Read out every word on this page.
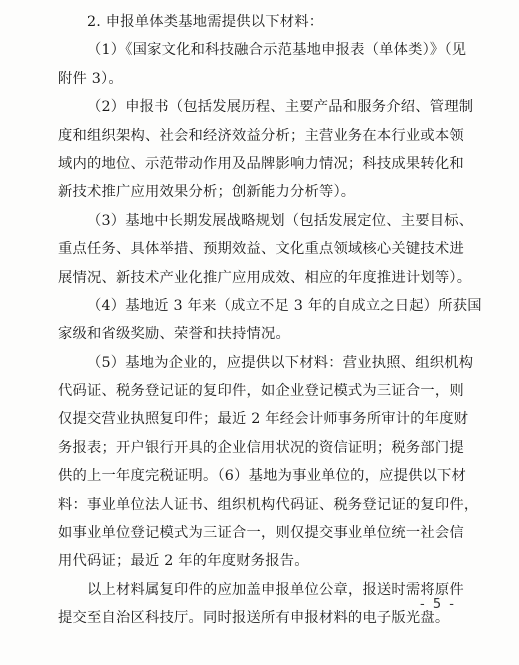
2. 申报单体类基地需提供以下材料：
（1）《国家文化和科技融合示范基地申报表（单体类）》（见
附件 3）。
（2）申报书（包括发展历程、主要产品和服务介绍、管理制
度和组织架构、社会和经济效益分析；主营业务在本行业或本领
域内的地位、示范带动作用及品牌影响力情况；科技成果转化和
新技术推广应用效果分析；创新能力分析等）。
（3）基地中长期发展战略规划（包括发展定位、主要目标、
重点任务、具体举措、预期效益、文化重点领域核心关键技术进
展情况、新技术产业化推广应用成效、相应的年度推进计划等）。
（4）基地近 3 年来（成立不足 3 年的自成立之日起）所获国
家级和省级奖励、荣誉和扶持情况。
（5）基地为企业的，应提供以下材料：营业执照、组织机构
代码证、税务登记证的复印件，如企业登记模式为三证合一，则
仅提交营业执照复印件；最近 2 年经会计师事务所审计的年度财
务报表；开户银行开具的企业信用状况的资信证明；税务部门提
供的上一年度完税证明。（6）基地为事业单位的，应提供以下材
料：事业单位法人证书、组织机构代码证、税务登记证的复印件，
如事业单位登记模式为三证合一，则仅提交事业单位统一社会信
用代码证；最近 2 年的年度财务报告。
以上材料属复印件的应加盖申报单位公章，报送时需将原件
提交至自治区科技厅。同时报送所有申报材料的电子版光盘。
- 5 -
